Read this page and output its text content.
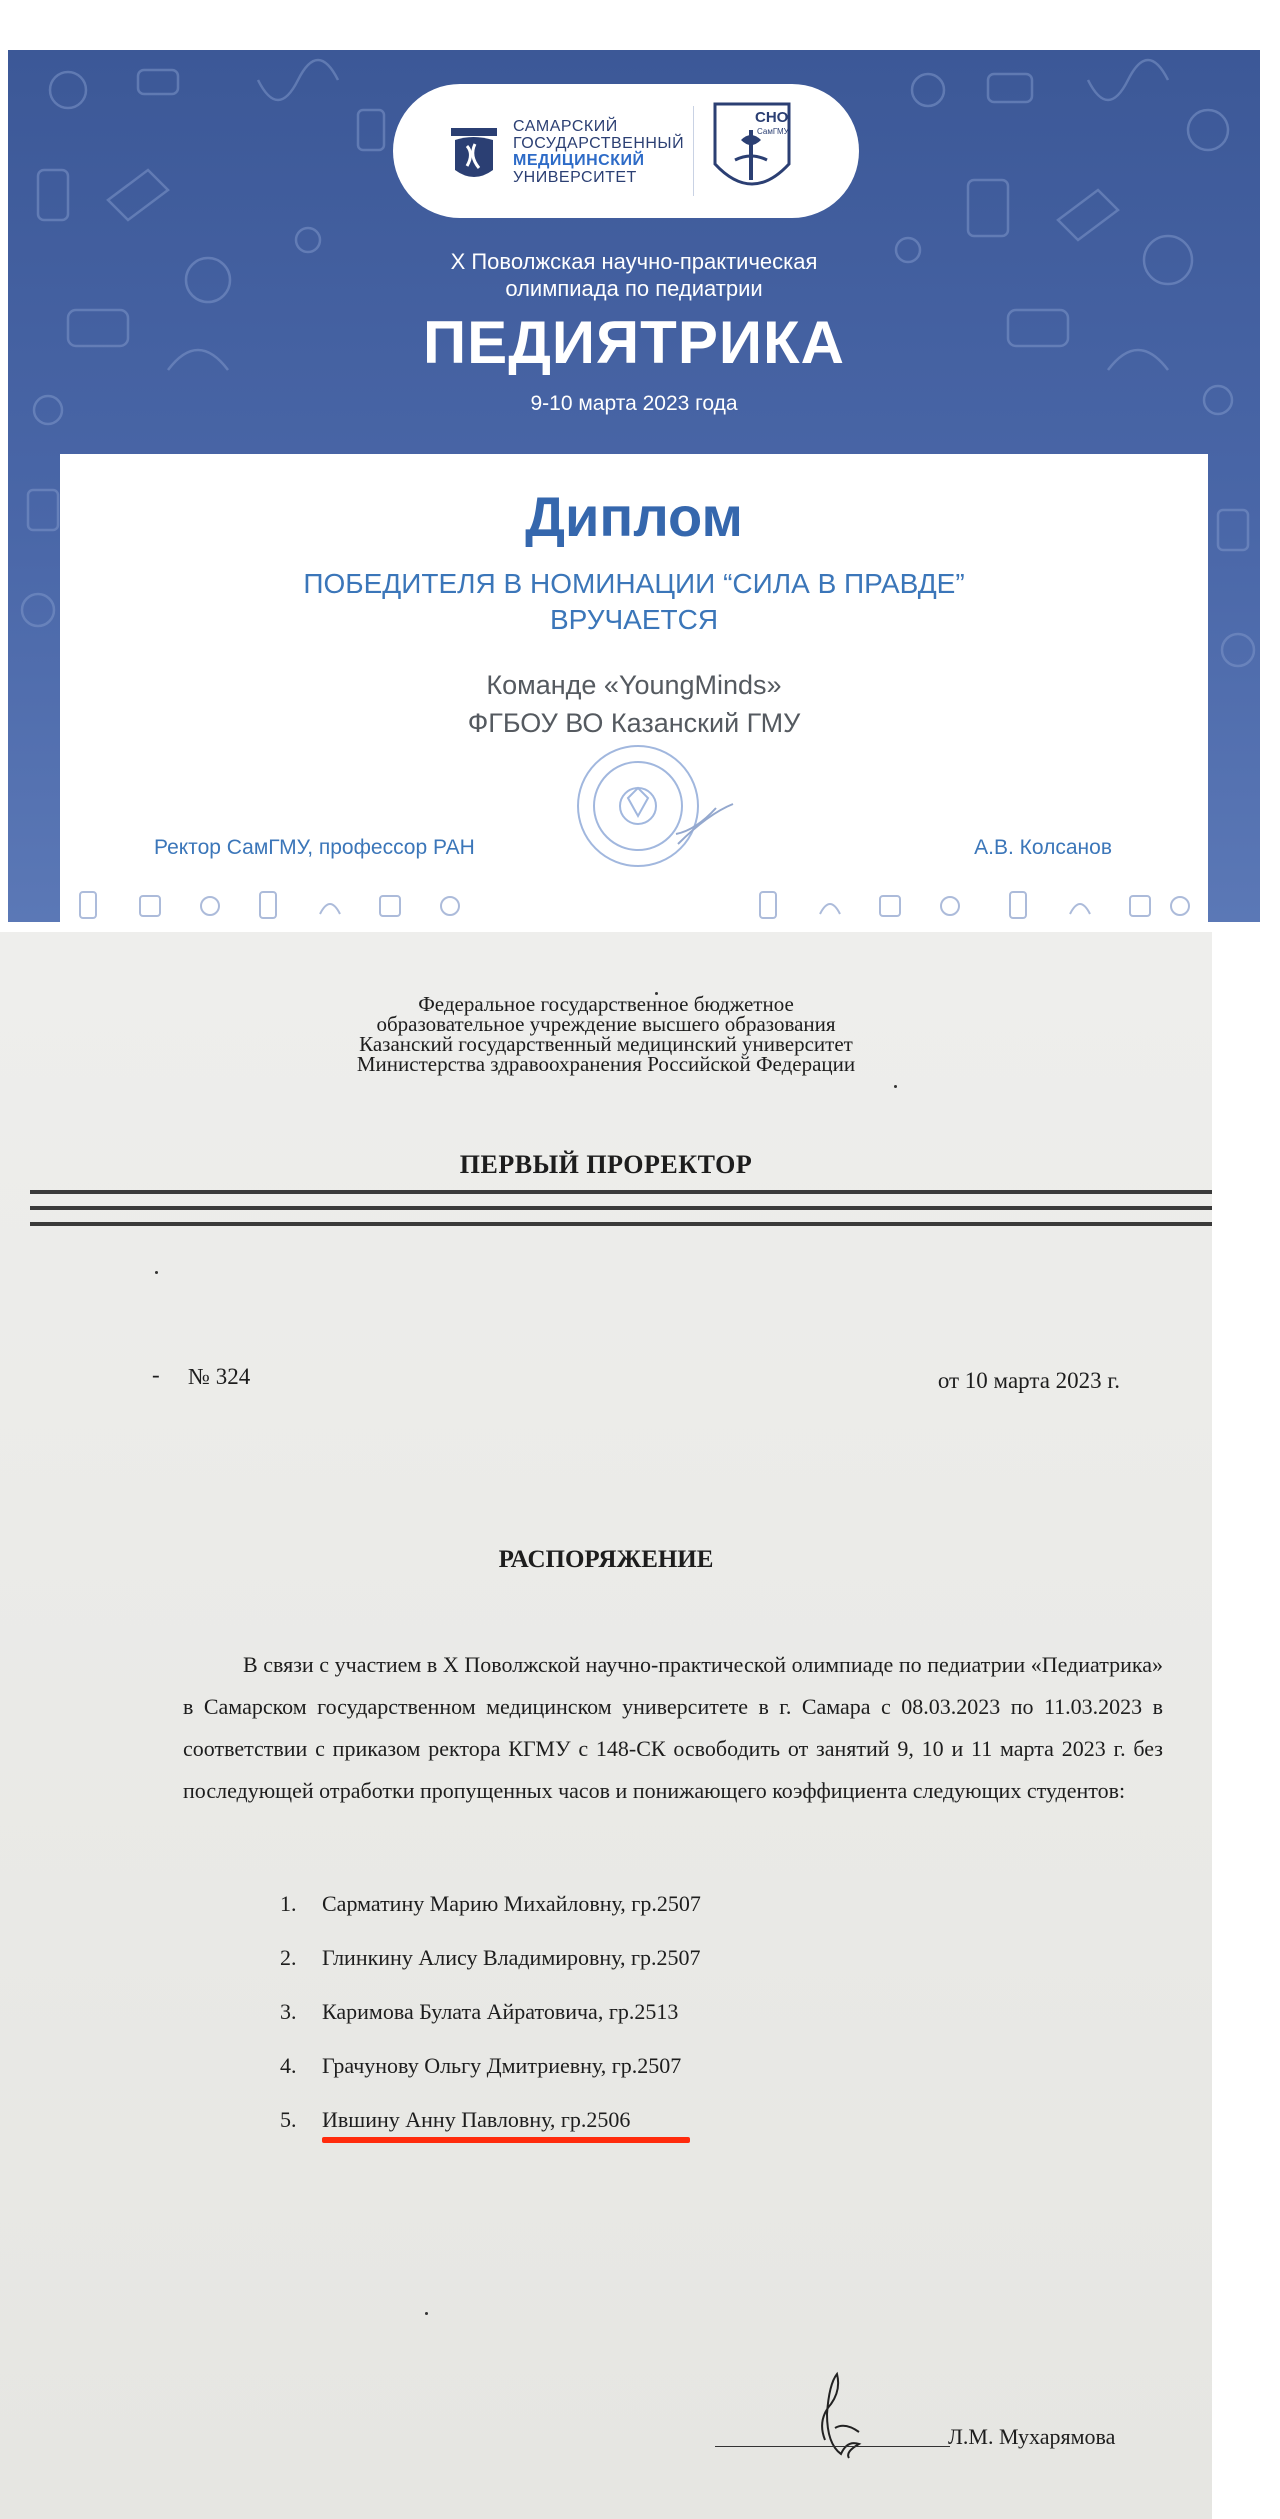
САМАРСКИЙ
ГОСУДАРСТВЕННЫЙ
МЕДИЦИНСКИЙ
УНИВЕРСИТЕТ
СНО
СамГМУ
X Поволжская научно-практическая
олимпиада по педиатрии
ПЕДИЯТРИКА
9-10 марта 2023 года
Диплом
ПОБЕДИТЕЛЯ В НОМИНАЦИИ “СИЛА В ПРАВДЕ”
ВРУЧАЕТСЯ
Команде «YoungMinds»
ФГБОУ ВО Казанский ГМУ
Ректор СамГМУ, профессор РАН	А.В. Колсанов
Федеральное государственное бюджетное
образовательное учреждение высшего образования
Казанский государственный медицинский университет
Министерства здравоохранения Российской Федерации
ПЕРВЫЙ ПРОРЕКТОР
- № 324	от 10 марта 2023 г.
РАСПОРЯЖЕНИЕ

В связи с участием в X Поволжской научно-практической олимпиаде по педиатрии «Педиатрика» в Самарском государственном медицинском университете в г. Самара с 08.03.2023 по 11.03.2023 в соответствии с приказом ректора КГМУ с 148-СК освободить от занятий 9, 10 и 11 марта 2023 г. без последующей отработки пропущенных часов и понижающего коэффициента следующих студентов:

1. Сарматину Марию Михайловну, гр.2507
2. Глинкину Алису Владимировну, гр.2507
3. Каримова Булата Айратовича, гр.2513
4. Грачунову Ольгу Дмитриевну, гр.2507
5. Ившину Анну Павловну, гр.2506
Л.М. Мухарямова
